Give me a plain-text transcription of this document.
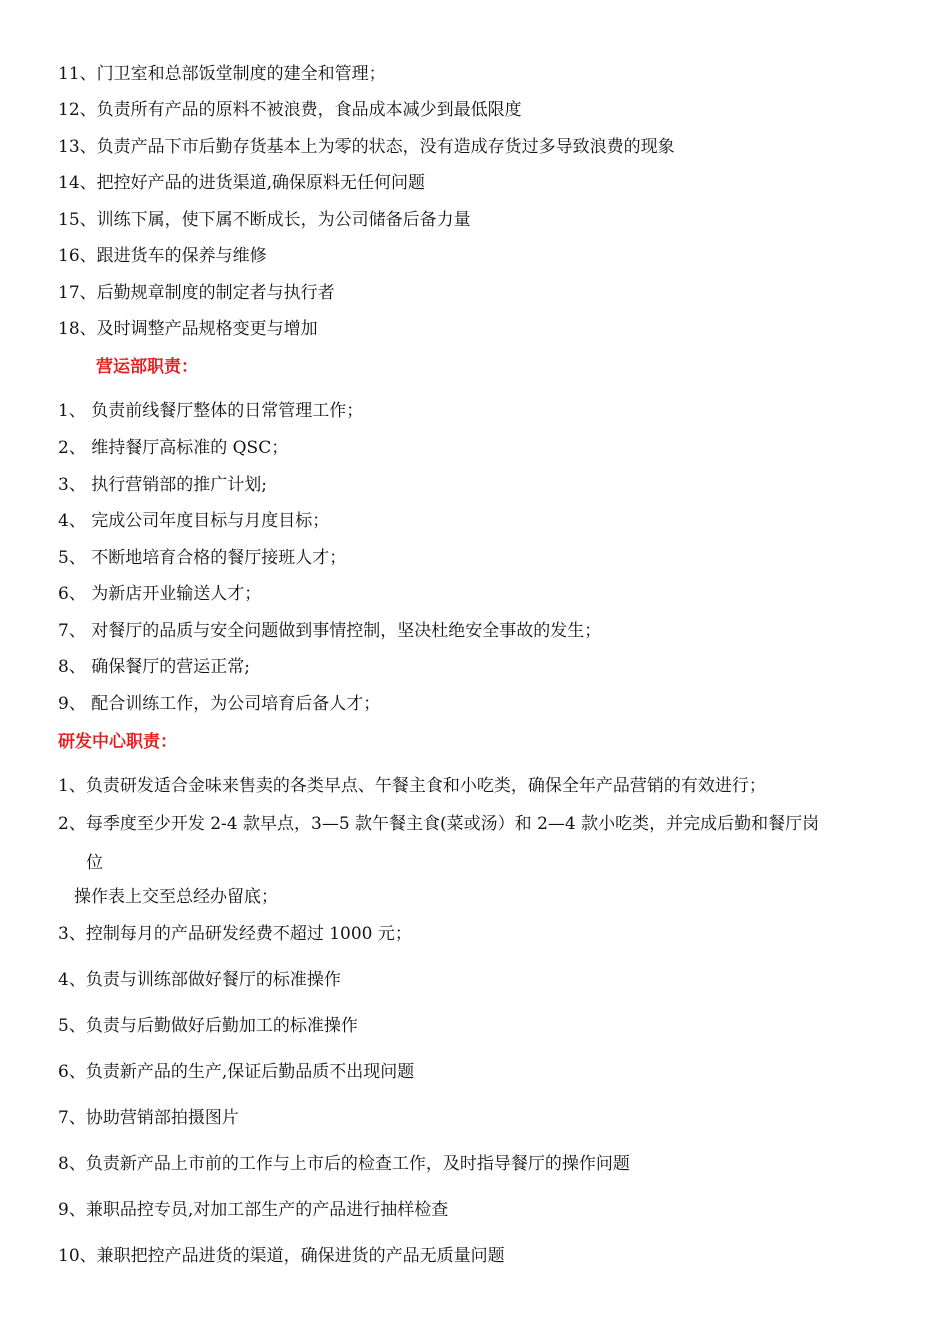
11、门卫室和总部饭堂制度的建全和管理；
12、负责所有产品的原料不被浪费，食品成本减少到最低限度
13、负责产品下市后勤存货基本上为零的状态，没有造成存货过多导致浪费的现象
14、把控好产品的进货渠道,确保原料无任何问题
15、训练下属，使下属不断成长，为公司储备后备力量
16、跟进货车的保养与维修
17、后勤规章制度的制定者与执行者
18、及时调整产品规格变更与增加
营运部职责：
1、 负责前线餐厅整体的日常管理工作；
2、 维持餐厅高标准的 QSC；
3、 执行营销部的推广计划;
4、 完成公司年度目标与月度目标；
5、 不断地培育合格的餐厅接班人才；
6、 为新店开业输送人才；
7、 对餐厅的品质与安全问题做到事情控制，坚决杜绝安全事故的发生；
8、 确保餐厅的营运正常;
9、 配合训练工作，为公司培育后备人才；
研发中心职责：
1、负责研发适合金味来售卖的各类早点、午餐主食和小吃类，确保全年产品营销的有效进行；
2、每季度至少开发 2-4 款早点，3—5 款午餐主食(菜或汤）和 2—4 款小吃类，并完成后勤和餐厅岗
位
操作表上交至总经办留底；
3、控制每月的产品研发经费不超过 1000 元；
4、负责与训练部做好餐厅的标准操作
5、负责与后勤做好后勤加工的标准操作
6、负责新产品的生产,保证后勤品质不出现问题
7、协助营销部拍摄图片
8、负责新产品上市前的工作与上市后的检查工作，及时指导餐厅的操作问题
9、兼职品控专员,对加工部生产的产品进行抽样检查
10、兼职把控产品进货的渠道，确保进货的产品无质量问题
